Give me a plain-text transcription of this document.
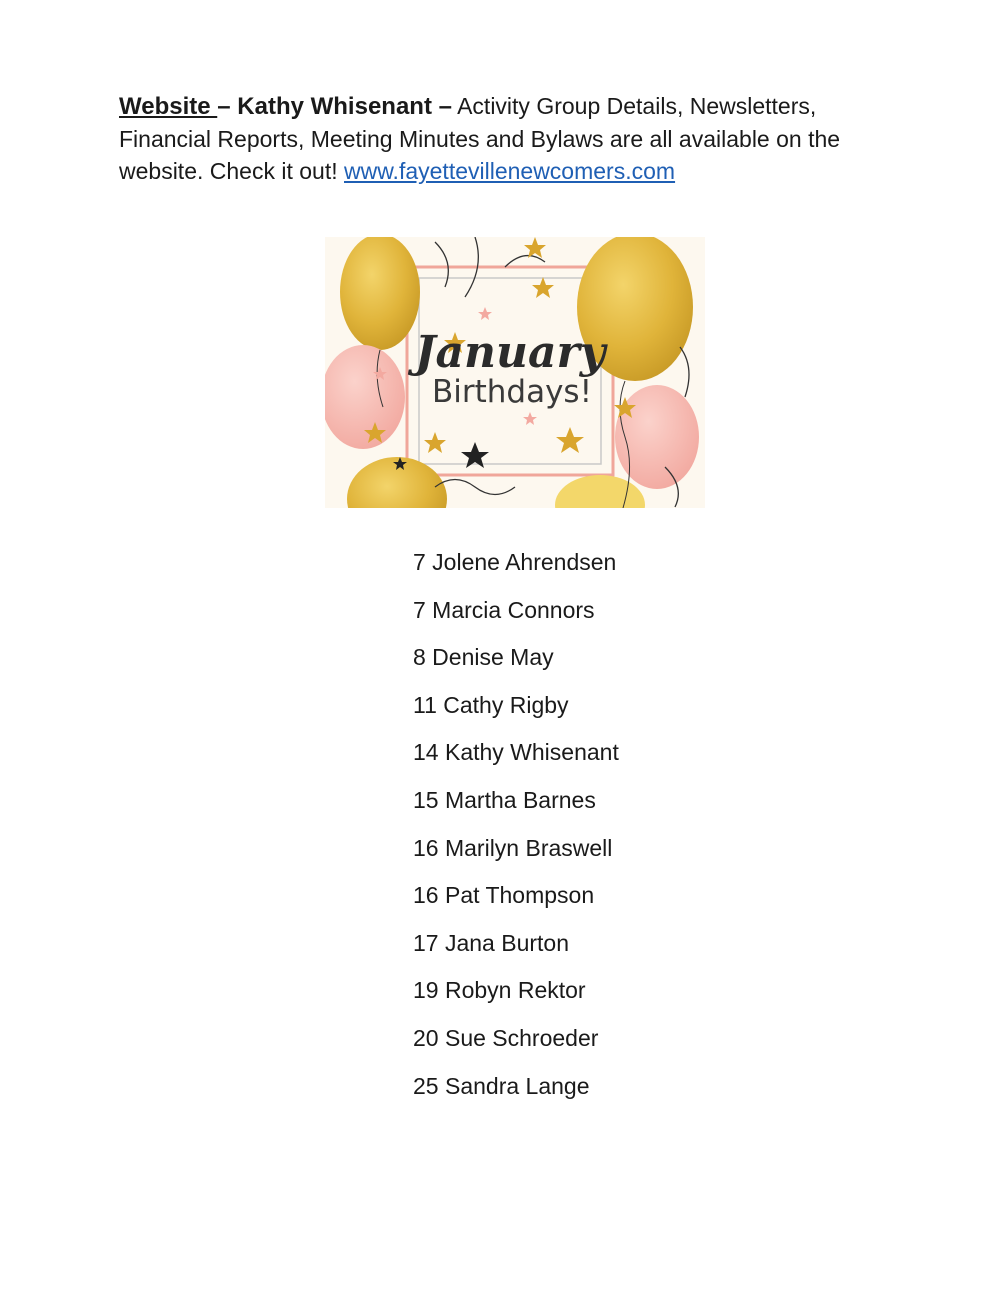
Website – Kathy Whisenant – Activity Group Details, Newsletters, Financial Reports, Meeting Minutes and Bylaws are all available on the website. Check it out! www.fayettevillenewcomers.com
January
Birthdays!
7 Jolene Ahrendsen
7 Marcia Connors
8 Denise May
11 Cathy Rigby
14 Kathy Whisenant
15 Martha Barnes
16 Marilyn Braswell
16 Pat Thompson
17 Jana Burton
19 Robyn Rektor
20 Sue Schroeder
25 Sandra Lange
